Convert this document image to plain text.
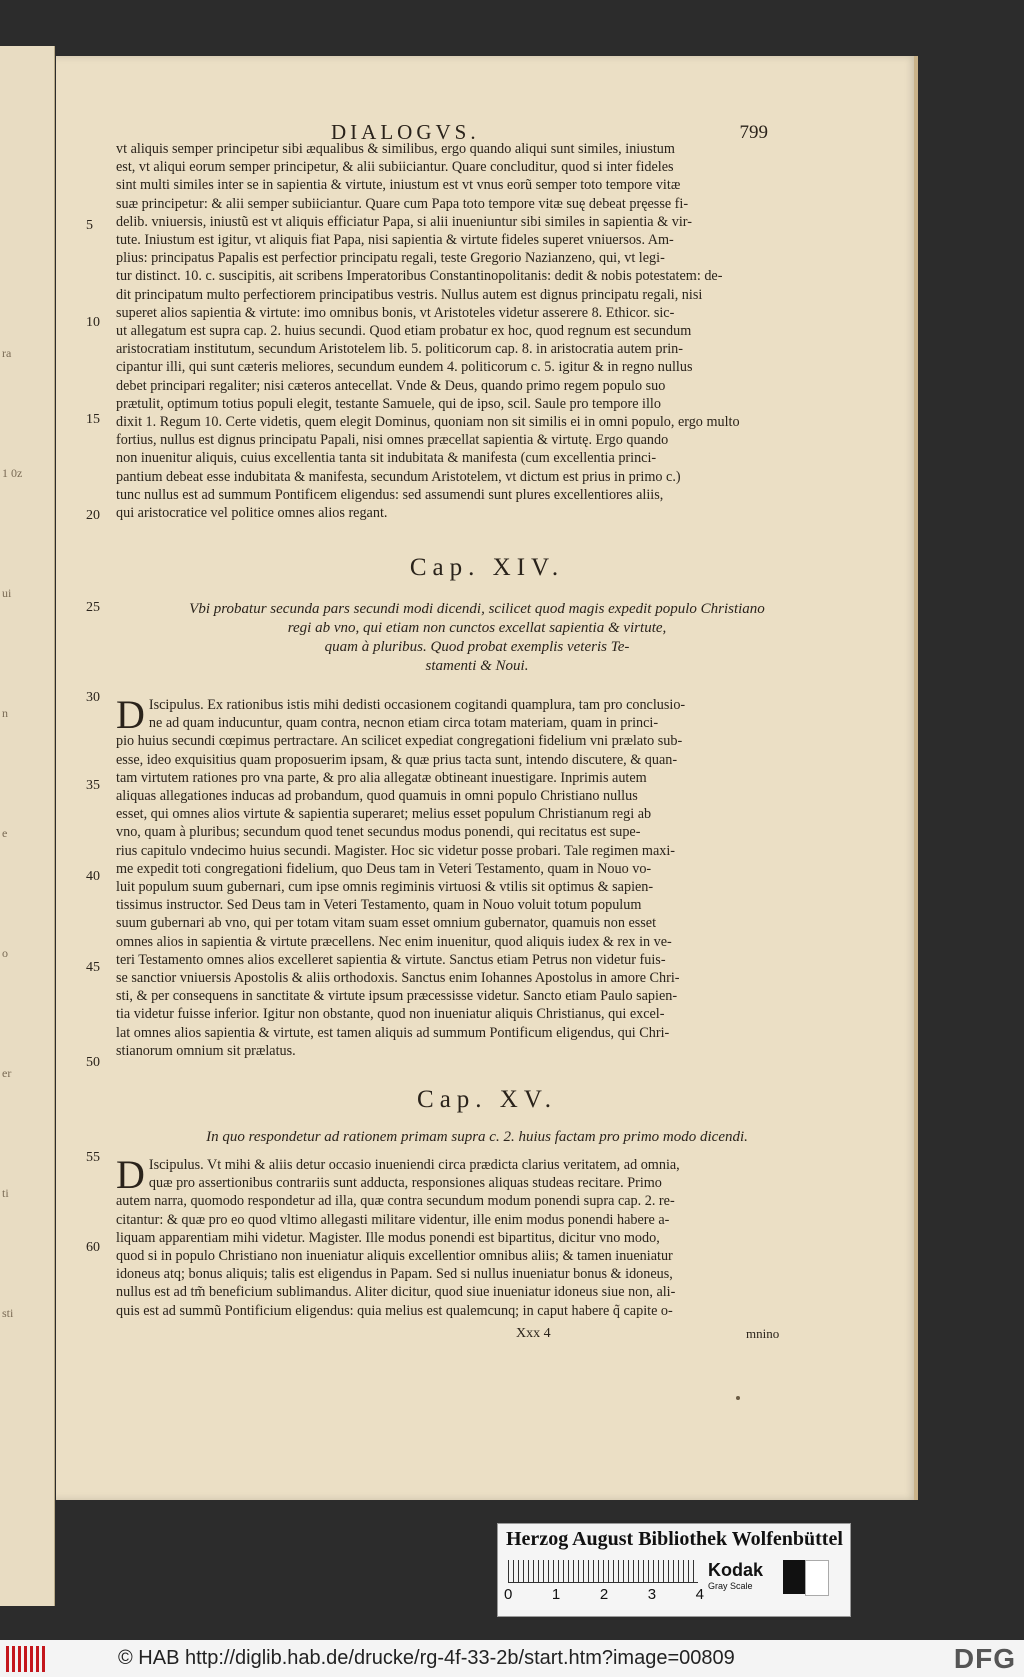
ra
1 0z
ui
n
e
o
er
ti
sti
DIALOGVS.	799
5
10
15
20
25
30
35
40
45
50
55
60

vt aliquis semper principetur sibi æqualibus & similibus, ergo quando aliqui sunt similes, iniustum

est, vt aliqui eorum semper principetur, & alii subiiciantur. Quare concluditur, quod si inter fideles

sint multi similes inter se in sapientia & virtute, iniustum est vt vnus eorũ semper toto tempore vitæ

suæ principetur: & alii semper subiiciantur. Quare cum Papa toto tempore vitæ suę debeat pręesse fi-

delib. vniuersis, iniustũ est vt aliquis efficiatur Papa, si alii inueniuntur sibi similes in sapientia & vir-

tute. Iniustum est igitur, vt aliquis fiat Papa, nisi sapientia & virtute fideles superet vniuersos. Am-

plius: principatus Papalis est perfectior principatu regali, teste Gregorio Nazianzeno, qui, vt legi-

tur distinct. 10. c. suscipitis, ait scribens Imperatoribus Constantinopolitanis: dedit & nobis potestatem: de-

dit principatum multo perfectiorem principatibus vestris. Nullus autem est dignus principatu regali, nisi

superet alios sapientia & virtute: imo omnibus bonis, vt Aristoteles videtur asserere 8. Ethicor. sic-

ut allegatum est supra cap. 2. huius secundi. Quod etiam probatur ex hoc, quod regnum est secundum

aristocratiam institutum, secundum Aristotelem lib. 5. politicorum cap. 8. in aristocratia autem prin-

cipantur illi, qui sunt cæteris meliores, secundum eundem 4. politicorum c. 5. igitur & in regno nullus

debet principari regaliter; nisi cæteros antecellat. Vnde & Deus, quando primo regem populo suo

prætulit, optimum totius populi elegit, testante Samuele, qui de ipso, scil. Saule pro tempore illo

dixit 1. Regum 10. Certe videtis, quem elegit Dominus, quoniam non sit similis ei in omni populo, ergo multo

fortius, nullus est dignus principatu Papali, nisi omnes præcellat sapientia & virtutę. Ergo quando

non inuenitur aliquis, cuius excellentia tanta sit indubitata & manifesta (cum excellentia princi-

pantium debeat esse indubitata & manifesta, secundum Aristotelem, vt dictum est prius in primo c.)

tunc nullus est ad summum Pontificem eligendus: sed assumendi sunt plures excellentiores aliis,

qui aristocratice vel politice omnes alios regant.

Cap. XIV.
Vbi probatur secunda pars secundi modi dicendi, scilicet quod magis expedit populo Christiano
regi ab vno, qui etiam non cunctos excellat sapientia & virtute,
quam à pluribus. Quod probat exemplis veteris Te-
stamenti & Noui.
D Iscipulus. Ex rationibus istis mihi dedisti occasionem cogitandi quamplura, tam pro conclusio-

ne ad quam inducuntur, quam contra, necnon etiam circa totam materiam, quam in princi-

pio huius secundi cœpimus pertractare. An scilicet expediat congregationi fidelium vni prælato sub-

esse, ideo exquisitius quam proposuerim ipsam, & quæ prius tacta sunt, intendo discutere, & quan-

tam virtutem rationes pro vna parte, & pro alia allegatæ obtineant inuestigare. Inprimis autem

aliquas allegationes inducas ad probandum, quod quamuis in omni populo Christiano nullus

esset, qui omnes alios virtute & sapientia superaret; melius esset populum Christianum regi ab

vno, quam à pluribus; secundum quod tenet secundus modus ponendi, qui recitatus est supe-

rius capitulo vndecimo huius secundi. Magister. Hoc sic videtur posse probari. Tale regimen maxi-

me expedit toti congregationi fidelium, quo Deus tam in Veteri Testamento, quam in Nouo vo-

luit populum suum gubernari, cum ipse omnis regiminis virtuosi & vtilis sit optimus & sapien-

tissimus instructor. Sed Deus tam in Veteri Testamento, quam in Nouo voluit totum populum

suum gubernari ab vno, qui per totam vitam suam esset omnium gubernator, quamuis non esset

omnes alios in sapientia & virtute præcellens. Nec enim inuenitur, quod aliquis iudex & rex in ve-

teri Testamento omnes alios excelleret sapientia & virtute. Sanctus etiam Petrus non videtur fuis-

se sanctior vniuersis Apostolis & aliis orthodoxis. Sanctus enim Iohannes Apostolus in amore Chri-

sti, & per consequens in sanctitate & virtute ipsum præcessisse videtur. Sancto etiam Paulo sapien-

tia videtur fuisse inferior. Igitur non obstante, quod non inueniatur aliquis Christianus, qui excel-

lat omnes alios sapientia & virtute, est tamen aliquis ad summum Pontificum eligendus, qui Chri-

stianorum omnium sit prælatus.

Cap. XV.
In quo respondetur ad rationem primam supra c. 2. huius factam pro primo modo dicendi.
D Iscipulus. Vt mihi & aliis detur occasio inueniendi circa prædicta clarius veritatem, ad omnia,

quæ pro assertionibus contrariis sunt adducta, responsiones aliquas studeas recitare. Primo

autem narra, quomodo respondetur ad illa, quæ contra secundum modum ponendi supra cap. 2. re-

citantur: & quæ pro eo quod vltimo allegasti militare videntur, ille enim modus ponendi habere a-

liquam apparentiam mihi videtur. Magister. Ille modus ponendi est bipartitus, dicitur vno modo,

quod si in populo Christiano non inueniatur aliquis excellentior omnibus aliis; & tamen inueniatur

idoneus atq; bonus aliquis; talis est eligendus in Papam. Sed si nullus inueniatur bonus & idoneus,

nullus est ad tm̃ beneficium sublimandus. Aliter dicitur, quod siue inueniatur idoneus siue non, ali-

quis est ad summũ Pontificium eligendus: quia melius est qualemcunq; in caput habere q̃ capite o-

Xxx 4	mnino
Herzog August Bibliothek Wolfenbüttel
0	1	2	3	4
Kodak
Gray Scale
© HAB http://diglib.hab.de/drucke/rg-4f-33-2b/start.htm?image=00809	DFG
